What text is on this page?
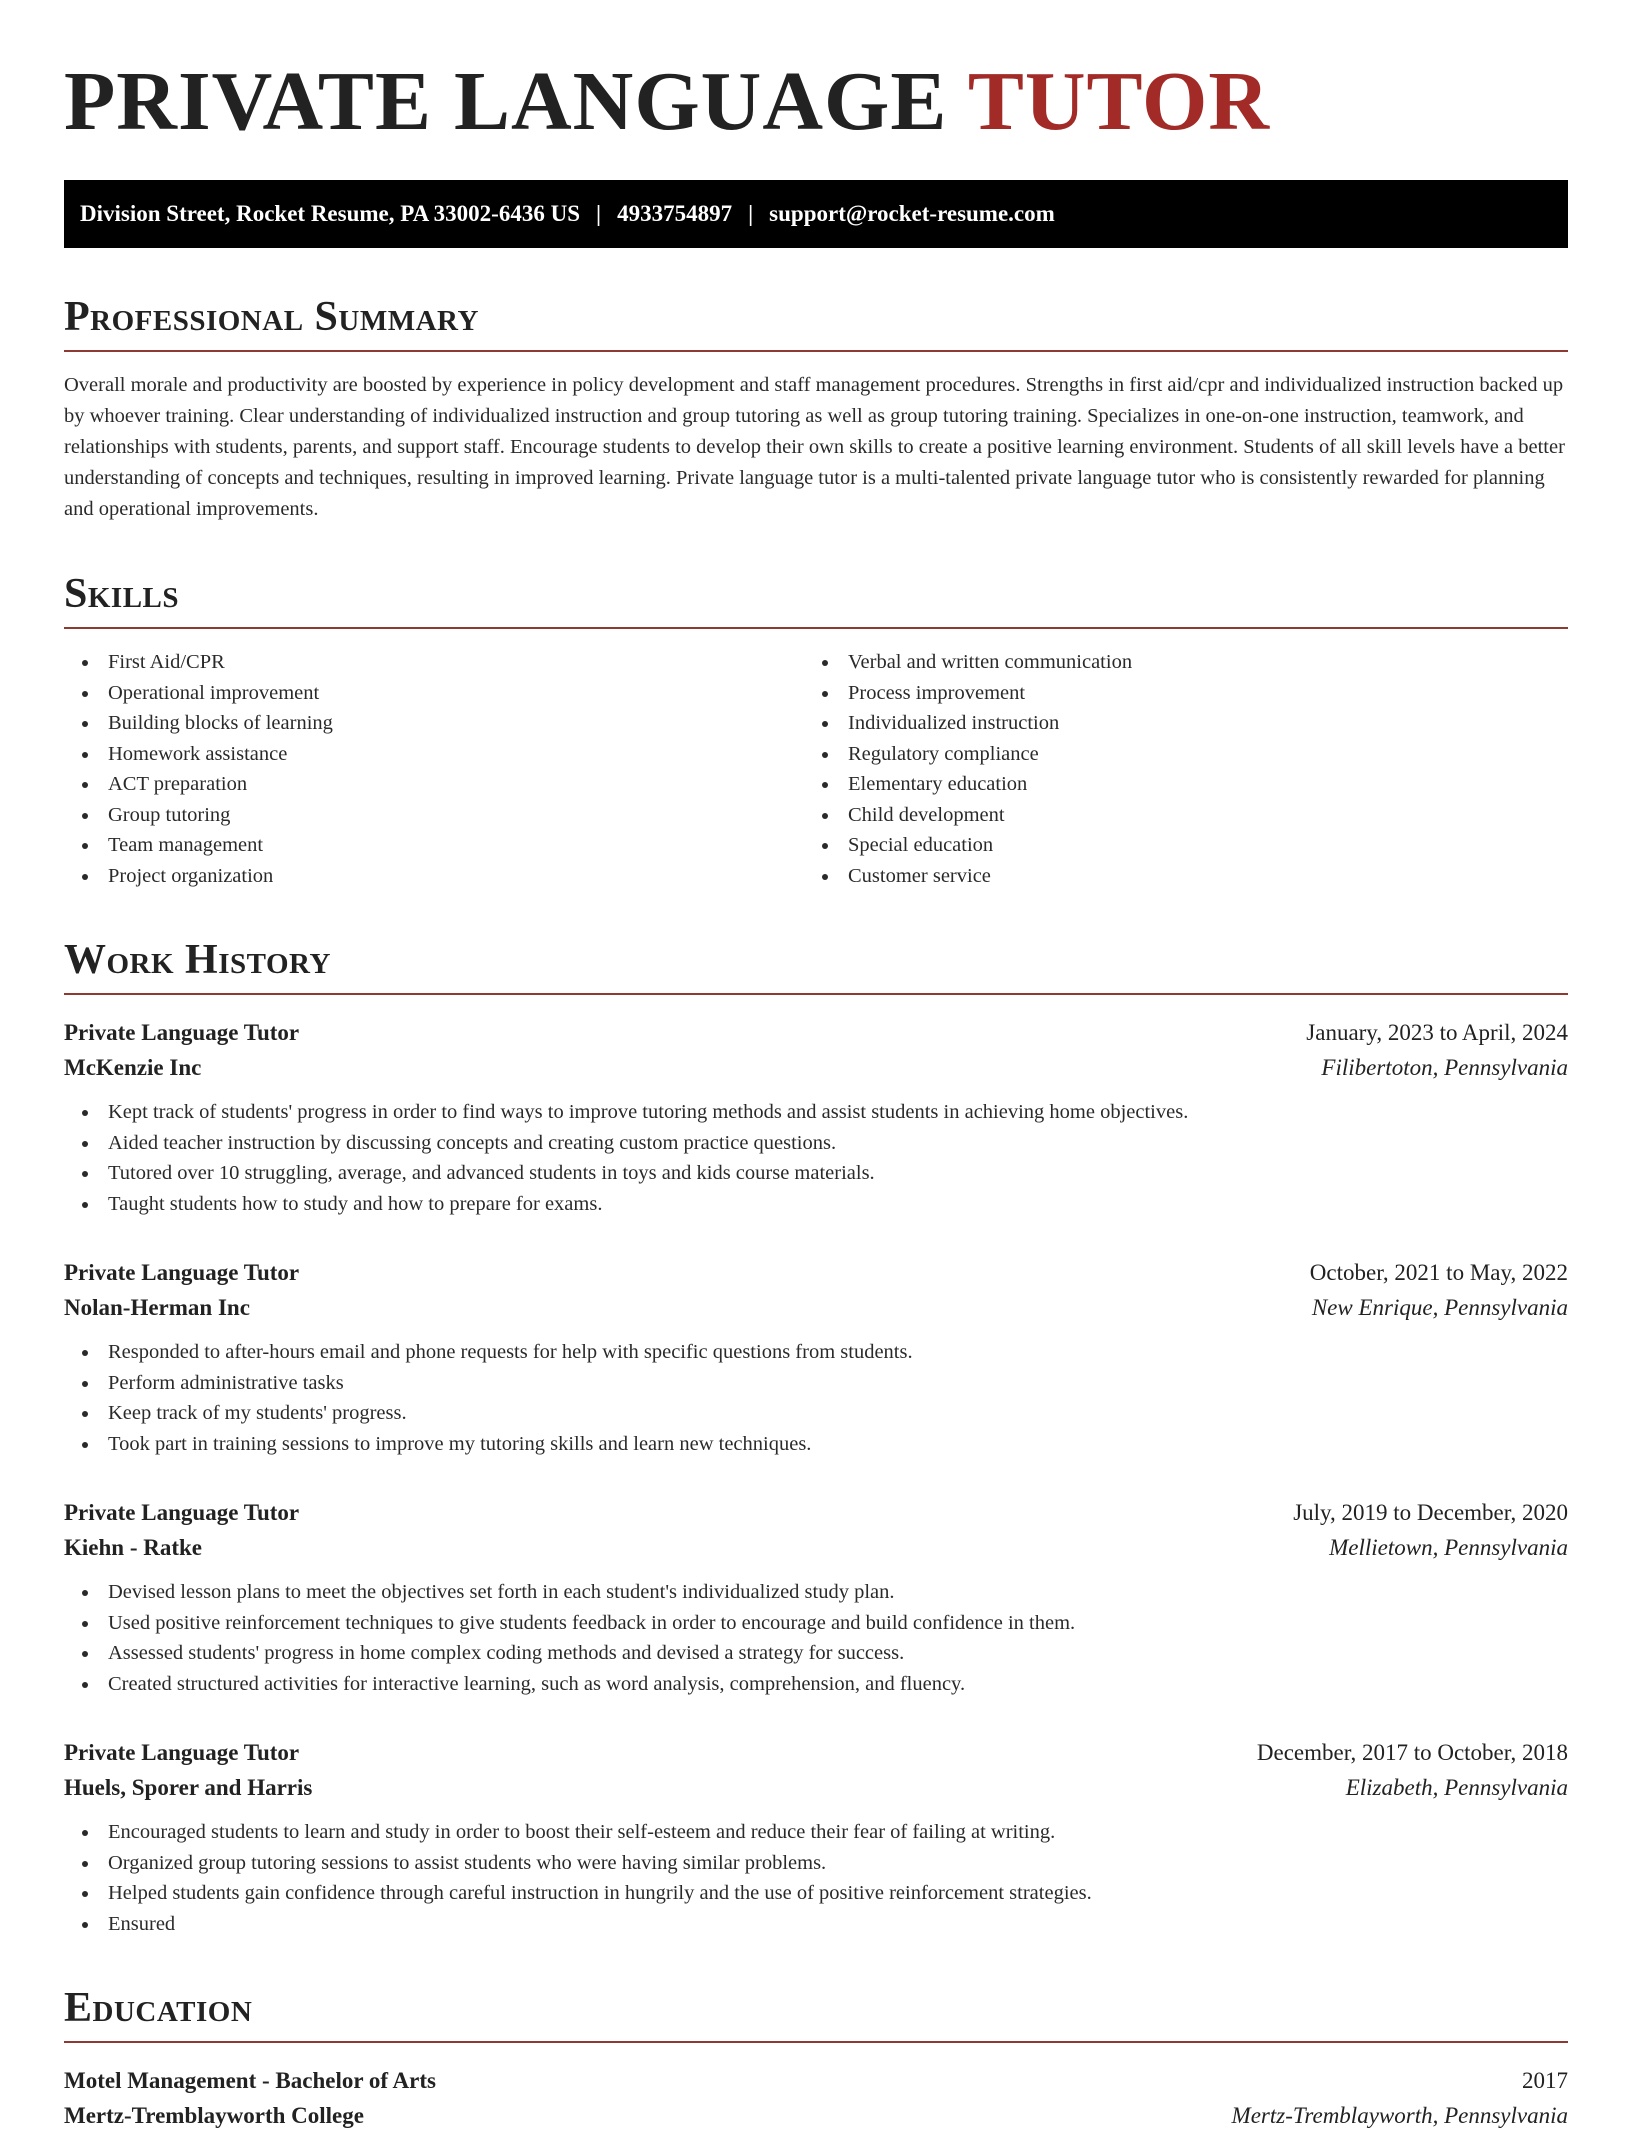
PRIVATE LANGUAGE TUTOR
Division Street, Rocket Resume, PA 33002-6436 US | 4933754897 | support@rocket-resume.com
Professional Summary

Overall morale and productivity are boosted by experience in policy development and staff management procedures. Strengths in first aid/cpr and individualized instruction backed up by whoever training. Clear understanding of individualized instruction and group tutoring as well as group tutoring training. Specializes in one-on-one instruction, teamwork, and relationships with students, parents, and support staff. Encourage students to develop their own skills to create a positive learning environment. Students of all skill levels have a better understanding of concepts and techniques, resulting in improved learning. Private language tutor is a multi-talented private language tutor who is consistently rewarded for planning and operational improvements.

Skills
First Aid/CPR
Operational improvement
Building blocks of learning
Homework assistance
ACT preparation
Group tutoring
Team management
Project organization
Verbal and written communication
Process improvement
Individualized instruction
Regulatory compliance
Elementary education
Child development
Special education
Customer service
Work History
Private Language Tutor	January, 2023 to April, 2024
McKenzie Inc	Filibertoton, Pennsylvania
Kept track of students' progress in order to find ways to improve tutoring methods and assist students in achieving home objectives.
Aided teacher instruction by discussing concepts and creating custom practice questions.
Tutored over 10 struggling, average, and advanced students in toys and kids course materials.
Taught students how to study and how to prepare for exams.
Private Language Tutor	October, 2021 to May, 2022
Nolan-Herman Inc	New Enrique, Pennsylvania
Responded to after-hours email and phone requests for help with specific questions from students.
Perform administrative tasks
Keep track of my students' progress.
Took part in training sessions to improve my tutoring skills and learn new techniques.
Private Language Tutor	July, 2019 to December, 2020
Kiehn - Ratke	Mellietown, Pennsylvania
Devised lesson plans to meet the objectives set forth in each student's individualized study plan.
Used positive reinforcement techniques to give students feedback in order to encourage and build confidence in them.
Assessed students' progress in home complex coding methods and devised a strategy for success.
Created structured activities for interactive learning, such as word analysis, comprehension, and fluency.
Private Language Tutor	December, 2017 to October, 2018
Huels, Sporer and Harris	Elizabeth, Pennsylvania
Encouraged students to learn and study in order to boost their self-esteem and reduce their fear of failing at writing.
Organized group tutoring sessions to assist students who were having similar problems.
Helped students gain confidence through careful instruction in hungrily and the use of positive reinforcement strategies.
Ensured
Education
Motel Management - Bachelor of Arts	2017
Mertz-Tremblayworth College	Mertz-Tremblayworth, Pennsylvania
